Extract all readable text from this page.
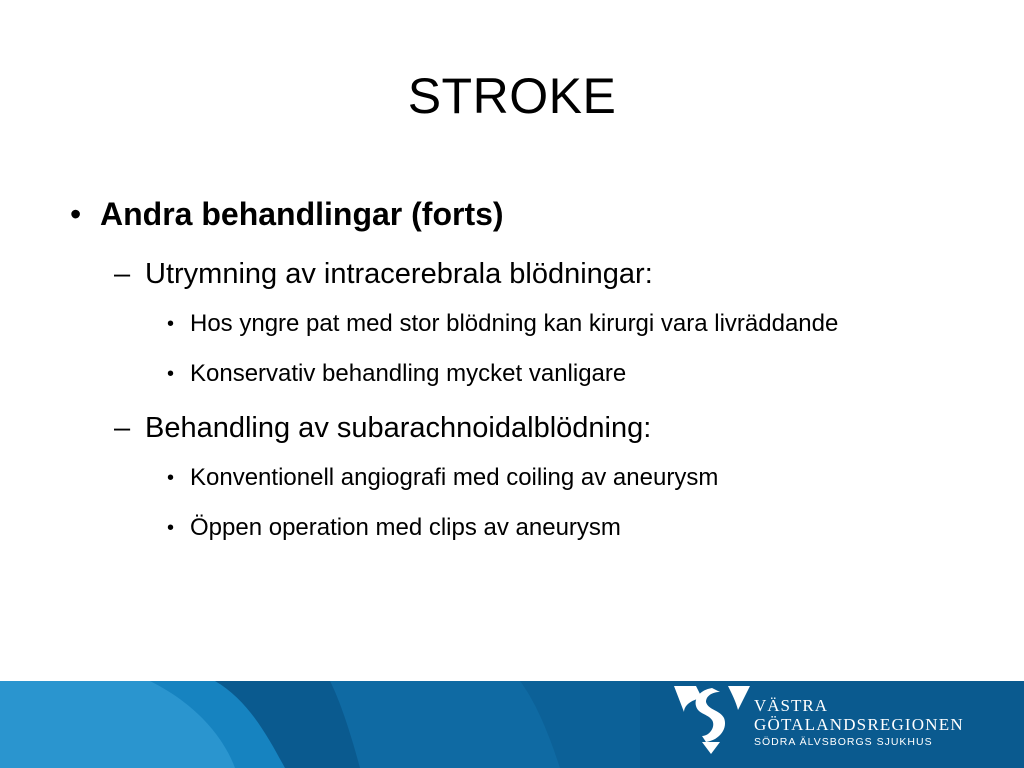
STROKE
• Andra behandlingar (forts)
– Utrymning av intracerebrala blödningar:
• Hos yngre pat med stor blödning kan kirurgi vara livräddande
• Konservativ behandling mycket vanligare
– Behandling av subarachnoidalblödning:
• Konventionell angiografi med coiling av aneurysm
• Öppen operation med clips av aneurysm
VÄSTRA
GÖTALANDSREGIONEN
SÖDRA ÄLVSBORGS SJUKHUS
